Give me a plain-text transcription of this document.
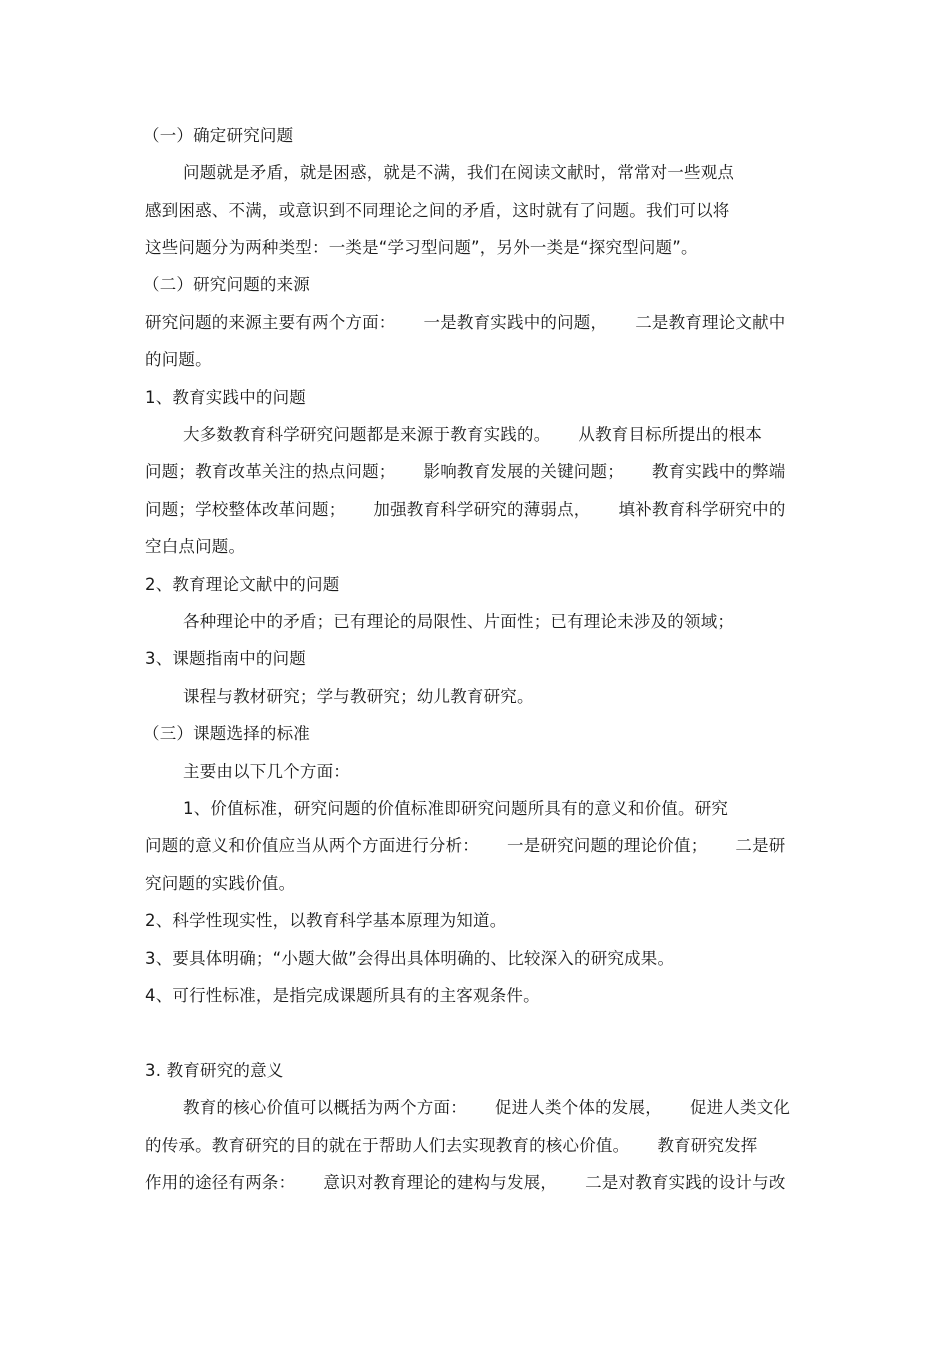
（一）确定研究问题
问题就是矛盾，就是困惑，就是不满，我们在阅读文献时，常常对一些观点
感到困惑、不满，或意识到不同理论之间的矛盾，这时就有了问题。我们可以将
这些问题分为两种类型：一类是“学习型问题”，另外一类是“探究型问题”。
（二）研究问题的来源
研究问题的来源主要有两个方面： 一是教育实践中的问题， 二是教育理论文献中
的问题。
1、教育实践中的问题
大多数教育科学研究问题都是来源于教育实践的。 从教育目标所提出的根本
问题；教育改革关注的热点问题； 影响教育发展的关键问题； 教育实践中的弊端
问题；学校整体改革问题； 加强教育科学研究的薄弱点， 填补教育科学研究中的
空白点问题。
2、教育理论文献中的问题
各种理论中的矛盾；已有理论的局限性、片面性；已有理论未涉及的领域；
3、课题指南中的问题
课程与教材研究；学与教研究；幼儿教育研究。
（三）课题选择的标准
主要由以下几个方面：
1、价值标准，研究问题的价值标准即研究问题所具有的意义和价值。研究
问题的意义和价值应当从两个方面进行分析： 一是研究问题的理论价值； 二是研
究问题的实践价值。
2、科学性现实性，以教育科学基本原理为知道。
3、要具体明确；“小题大做”会得出具体明确的、比较深入的研究成果。
4、可行性标准，是指完成课题所具有的主客观条件。
3. 教育研究的意义
教育的核心价值可以概括为两个方面： 促进人类个体的发展， 促进人类文化
的传承。教育研究的目的就在于帮助人们去实现教育的核心价值。 教育研究发挥
作用的途径有两条： 意识对教育理论的建构与发展， 二是对教育实践的设计与改
